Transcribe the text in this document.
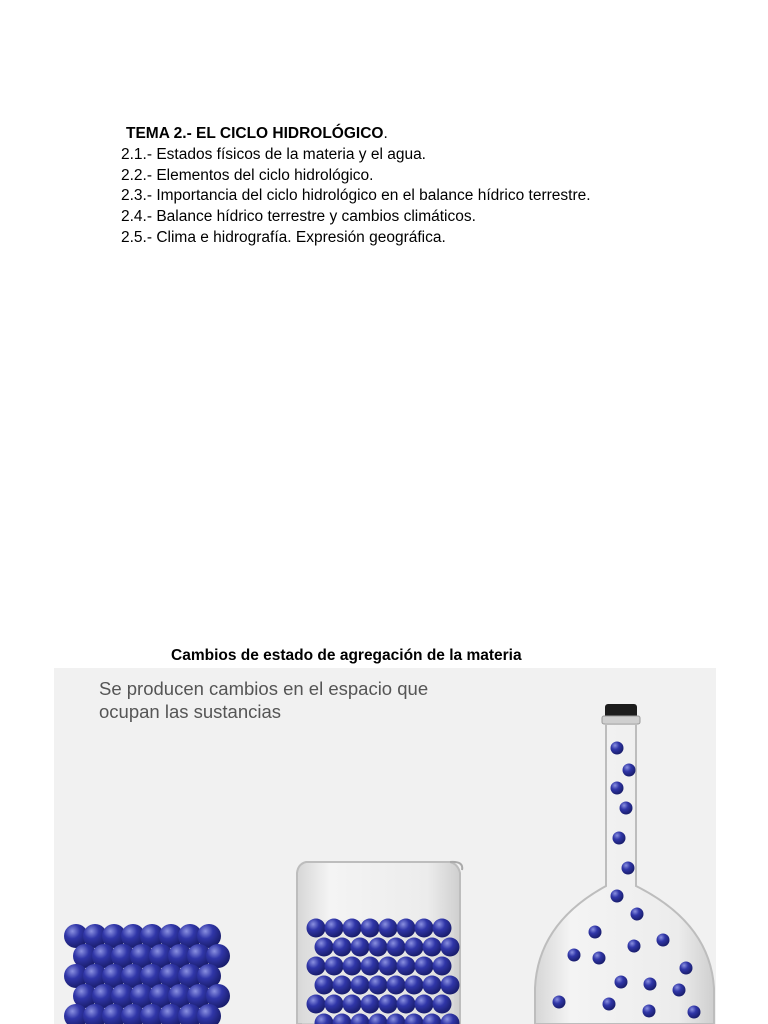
TEMA 2.- EL CICLO HIDROLÓGICO.
2.1.- Estados físicos de la materia y el agua.
2.2.- Elementos del ciclo hidrológico.
2.3.- Importancia del ciclo hidrológico en el balance hídrico terrestre.
2.4.- Balance hídrico terrestre y cambios climáticos.
2.5.- Clima e hidrografía. Expresión geográfica.
Cambios de estado de agregación de la materia
Se producen cambios en el espacio que
ocupan las sustancias
